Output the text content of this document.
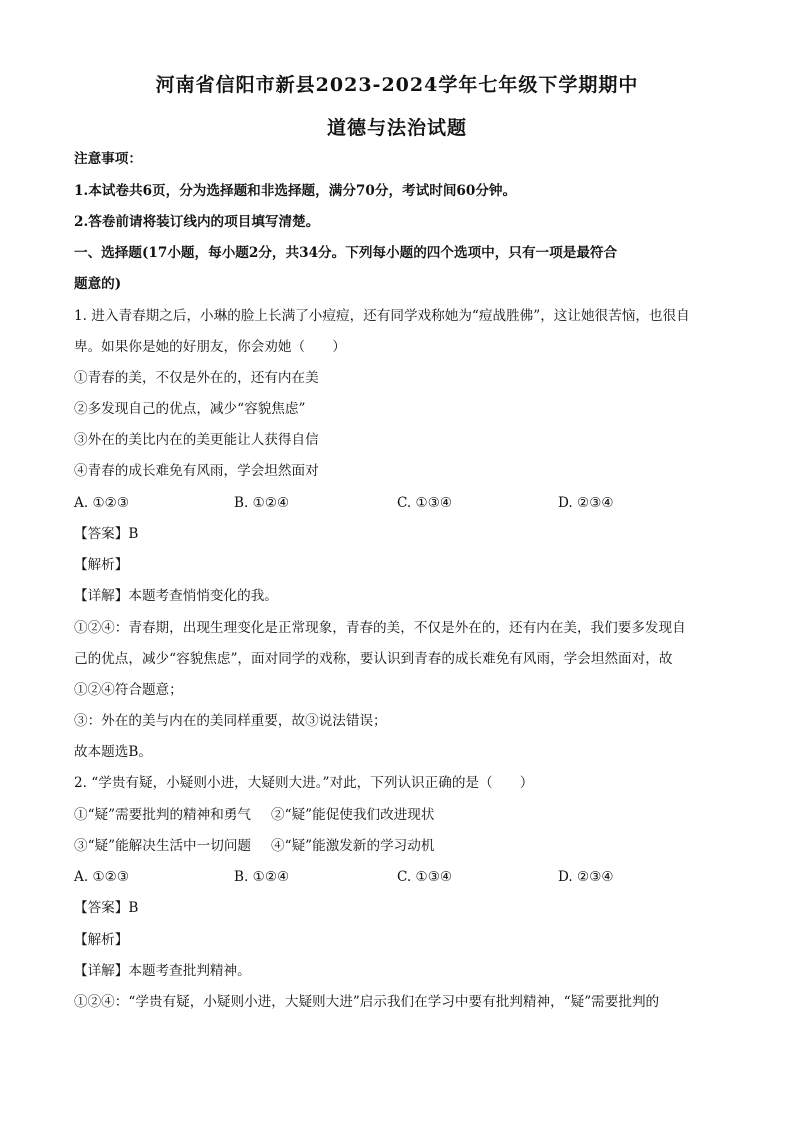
河南省信阳市新县2023-2024学年七年级下学期期中
道德与法治试题
注意事项：
1.本试卷共6页，分为选择题和非选择题，满分70分，考试时间60分钟。
2.答卷前请将装订线内的项目填写清楚。
一、选择题(17小题，每小题2分，共34分。下列每小题的四个选项中，只有一项是最符合
题意的)
1. 进入青春期之后，小琳的脸上长满了小痘痘，还有同学戏称她为“痘战胜佛”，这让她很苦恼，也很自
卑。如果你是她的好朋友，你会劝她（　　）
①青春的美，不仅是外在的，还有内在美
②多发现自己的优点，减少“容貌焦虑”
③外在的美比内在的美更能让人获得自信
④青春的成长难免有风雨，学会坦然面对
A. ①②③	B. ①②④	C. ①③④	D. ②③④
【答案】B
【解析】
【详解】本题考查悄悄变化的我。
①②④：青春期，出现生理变化是正常现象，青春的美，不仅是外在的，还有内在美，我们要多发现自
己的优点，减少“容貌焦虑”，面对同学的戏称，要认识到青春的成长难免有风雨，学会坦然面对，故
①②④符合题意；
③：外在的美与内在的美同样重要，故③说法错误；
故本题选B。
2. “学贵有疑，小疑则小进，大疑则大进。”对此，下列认识正确的是（　　）
①“疑”需要批判的精神和勇气 ②“疑”能促使我们改进现状
③“疑”能解决生活中一切问题 ④“疑”能激发新的学习动机
A. ①②③	B. ①②④	C. ①③④	D. ②③④
【答案】B
【解析】
【详解】本题考查批判精神。
①②④：“学贵有疑，小疑则小进，大疑则大进”启示我们在学习中要有批判精神，“疑”需要批判的
